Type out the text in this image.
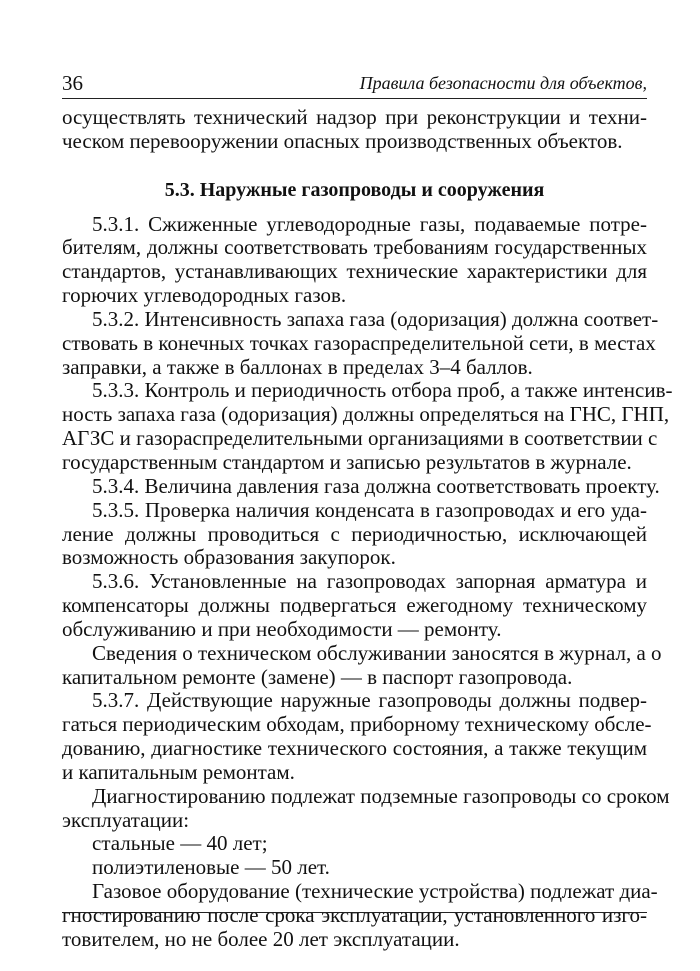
36	Правила безопасности для объектов,
осуществлять технический надзор при реконструкции и техни-
ческом перевооружении опасных производственных объектов.
5.3. Наружные газопроводы и сооружения
5.3.1. Сжиженные углеводородные газы, подаваемые потре-
бителям, должны соответствовать требованиям государственных
стандартов, устанавливающих технические характеристики для
горючих углеводородных газов.
5.3.2. Интенсивность запаха газа (одоризация) должна соответ-
ствовать в конечных точках газораспределительной сети, в местах
заправки, а также в баллонах в пределах 3–4 баллов.
5.3.3. Контроль и периодичность отбора проб, а также интенсив-
ность запаха газа (одоризация) должны определяться на ГНС, ГНП,
АГЗС и газораспределительными организациями в соответствии с
государственным стандартом и записью результатов в журнале.
5.3.4. Величина давления газа должна соответствовать проекту.
5.3.5. Проверка наличия конденсата в газопроводах и его уда-
ление должны проводиться с периодичностью, исключающей
возможность образования закупорок.
5.3.6. Установленные на газопроводах запорная арматура и
компенсаторы должны подвергаться ежегодному техническому
обслуживанию и при необходимости — ремонту.
Сведения о техническом обслуживании заносятся в журнал, а о
капитальном ремонте (замене) — в паспорт газопровода.
5.3.7. Действующие наружные газопроводы должны подвер-
гаться периодическим обходам, приборному техническому обсле-
дованию, диагностике технического состояния, а также текущим
и капитальным ремонтам.
Диагностированию подлежат подземные газопроводы со сроком
эксплуатации:
стальные — 40 лет;
полиэтиленовые — 50 лет.
Газовое оборудование (технические устройства) подлежат диа-
гностированию после срока эксплуатации, установленного изго-
товителем, но не более 20 лет эксплуатации.
